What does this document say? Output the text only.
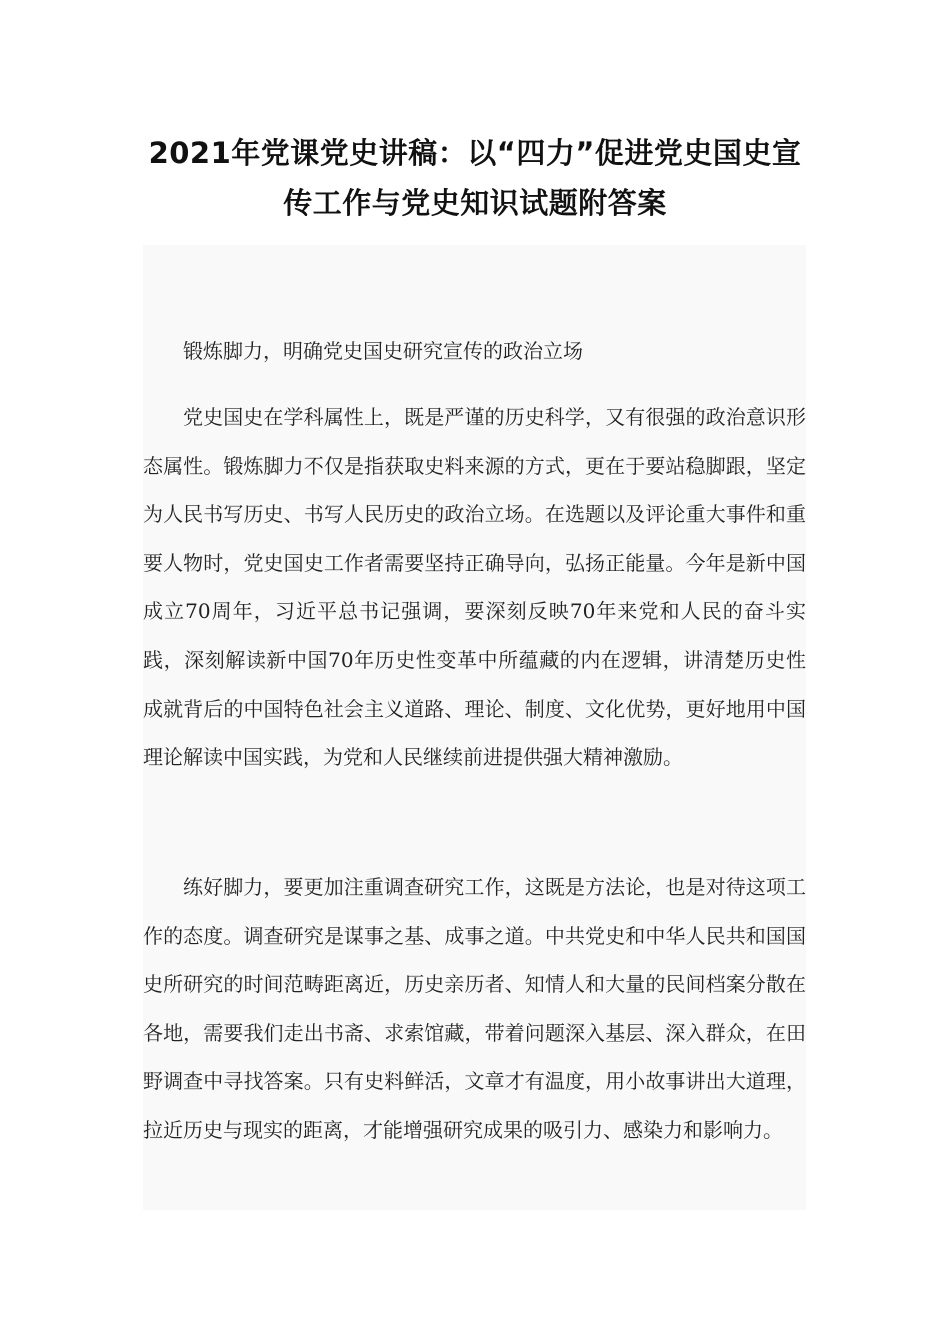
2021年党课党史讲稿：以“四力”促进党史国史宣
传工作与党史知识试题附答案

锻炼脚力，明确党史国史研究宣传的政治立场

党史国史在学科属性上，既是严谨的历史科学，又有很强的政治意识形态属性。锻炼脚力不仅是指获取史料来源的方式，更在于要站稳脚跟，坚定为人民书写历史、书写人民历史的政治立场。在选题以及评论重大事件和重要人物时，党史国史工作者需要坚持正确导向，弘扬正能量。今年是新中国成立70周年，习近平总书记强调，要深刻反映70年来党和人民的奋斗实践，深刻解读新中国70年历史性变革中所蕴藏的内在逻辑，讲清楚历史性成就背后的中国特色社会主义道路、理论、制度、文化优势，更好地用中国理论解读中国实践，为党和人民继续前进提供强大精神激励。

练好脚力，要更加注重调查研究工作，这既是方法论，也是对待这项工作的态度。调查研究是谋事之基、成事之道。中共党史和中华人民共和国国史所研究的时间范畴距离近，历史亲历者、知情人和大量的民间档案分散在各地，需要我们走出书斋、求索馆藏，带着问题深入基层、深入群众，在田野调查中寻找答案。只有史料鲜活，文章才有温度，用小故事讲出大道理，拉近历史与现实的距离，才能增强研究成果的吸引力、感染力和影响力。
